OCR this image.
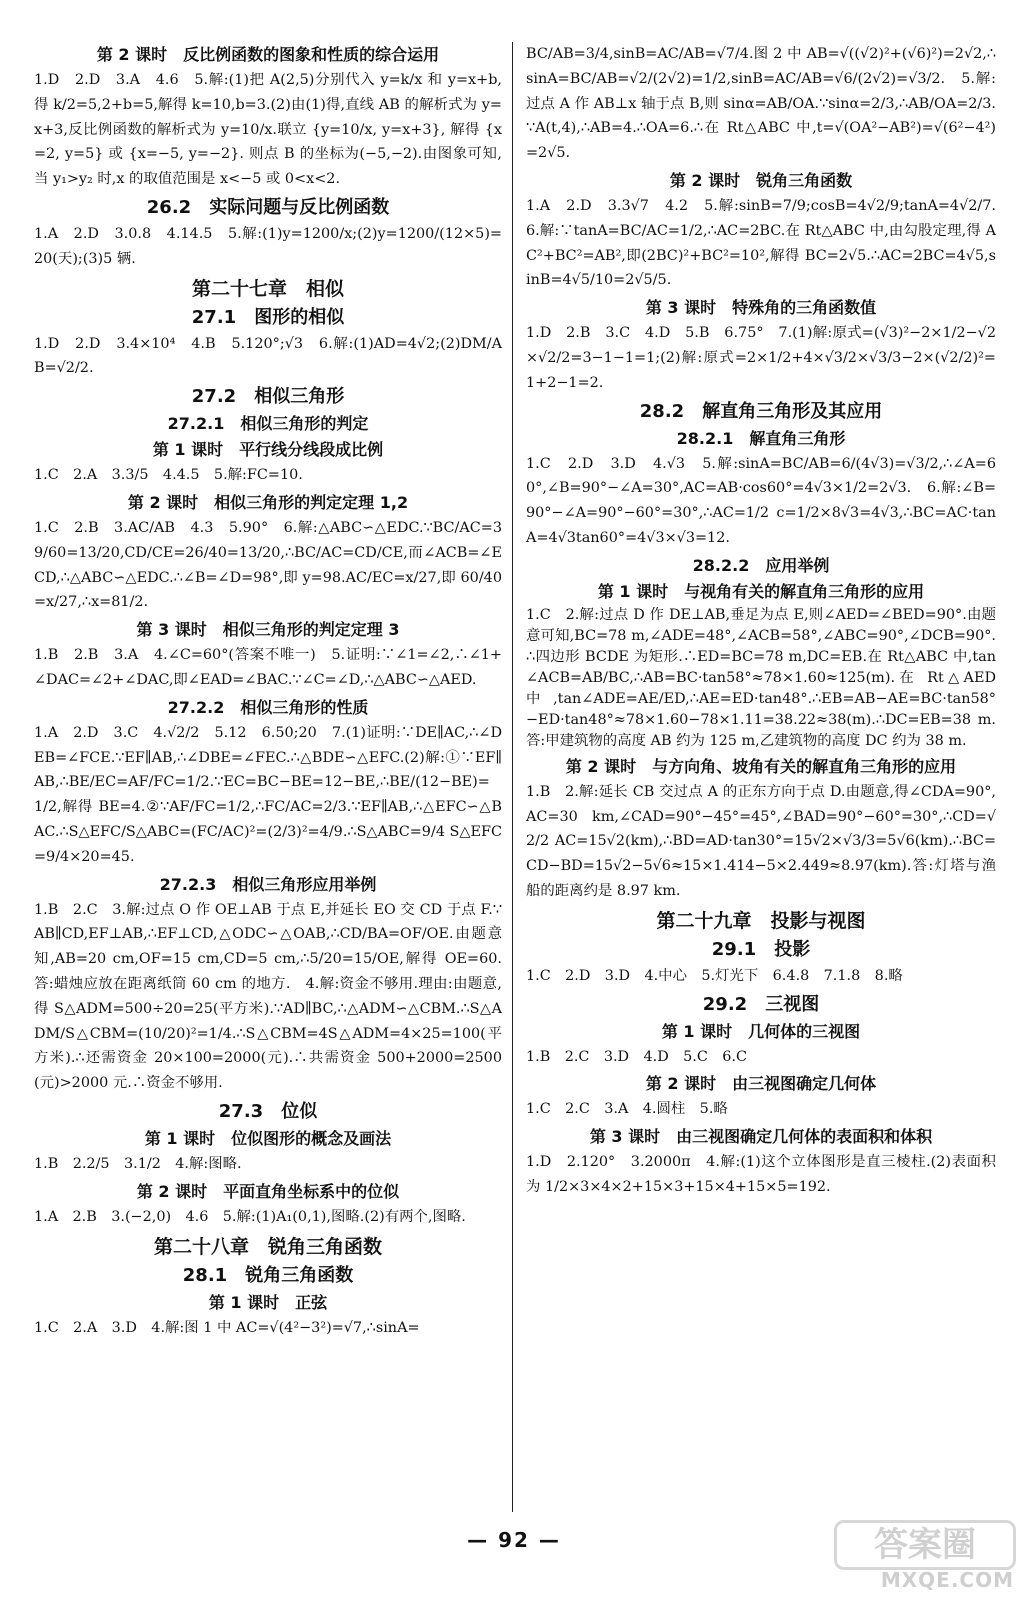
第 2 课时　反比例函数的图象和性质的综合运用
1.D　2.D　3.A　4.6　5.解:(1)把 A(2,5)分别代入 y=k/x 和 y=x+b,得 k/2=5,2+b=5,解得 k=10,b=3.(2)由(1)得,直线 AB 的解析式为 y=x+3,反比例函数的解析式为 y=10/x.联立 {y=10/x, y=x+3}, 解得 {x=2, y=5} 或 {x=−5, y=−2}. 则点 B 的坐标为(−5,−2).由图象可知,当 y₁>y₂ 时,x 的取值范围是 x<−5 或 0<x<2.
26.2　实际问题与反比例函数
1.A　2.D　3.0.8　4.14.5　5.解:(1)y=1200/x;(2)y=1200/(12×5)=20(天);(3)5 辆.
第二十七章　相似
27.1　图形的相似
1.D　2.D　3.4×10⁴　4.B　5.120°;√3　6.解:(1)AD=4√2;(2)DM/AB=√2/2.
27.2　相似三角形
27.2.1　相似三角形的判定
第 1 课时　平行线分线段成比例
1.C　2.A　3.3/5　4.4.5　5.解:FC=10.
第 2 课时　相似三角形的判定定理 1,2
1.C　2.B　3.AC/AB　4.3　5.90°　6.解:△ABC∽△EDC.∵BC/AC=39/60=13/20,CD/CE=26/40=13/20,∴BC/AC=CD/CE,而∠ACB=∠ECD,∴△ABC∽△EDC.∴∠B=∠D=98°,即 y=98.AC/EC=x/27,即 60/40=x/27,∴x=81/2.
第 3 课时　相似三角形的判定定理 3
1.B　2.B　3.A　4.∠C=60°(答案不唯一)　5.证明:∵∠1=∠2,∴∠1+∠DAC=∠2+∠DAC,即∠EAD=∠BAC.∵∠C=∠D,∴△ABC∽△AED.
27.2.2　相似三角形的性质
1.A　2.D　3.C　4.√2/2　5.12　6.50;20　7.(1)证明:∵DE∥AC,∴∠DEB=∠FCE.∵EF∥AB,∴∠DBE=∠FEC.∴△BDE∽△EFC.(2)解:①∵EF∥AB,∴BE/EC=AF/FC=1/2.∵EC=BC−BE=12−BE,∴BE/(12−BE)=1/2,解得 BE=4.②∵AF/FC=1/2,∴FC/AC=2/3.∵EF∥AB,∴△EFC∽△BAC.∴S△EFC/S△ABC=(FC/AC)²=(2/3)²=4/9.∴S△ABC=9/4 S△EFC=9/4×20=45.
27.2.3　相似三角形应用举例
1.B　2.C　3.解:过点 O 作 OE⊥AB 于点 E,并延长 EO 交 CD 于点 F.∵AB∥CD,EF⊥AB,∴EF⊥CD,△ODC∽△OAB,∴CD/BA=OF/OE.由题意知,AB=20 cm,OF=15 cm,CD=5 cm,∴5/20=15/OE,解得 OE=60.答:蜡烛应放在距离纸筒 60 cm 的地方.　4.解:资金不够用.理由:由题意,得 S△ADM=500÷20=25(平方米).∵AD∥BC,∴△ADM∽△CBM.∴S△ADM/S△CBM=(10/20)²=1/4.∴S△CBM=4S△ADM=4×25=100(平方米).∴还需资金 20×100=2000(元).∴共需资金 500+2000=2500(元)>2000 元.∴资金不够用.
27.3　位似
第 1 课时　位似图形的概念及画法
1.B　2.2/5　3.1/2　4.解:图略.
第 2 课时　平面直角坐标系中的位似
1.A　2.B　3.(−2,0)　4.6　5.解:(1)A₁(0,1),图略.(2)有两个,图略.
第二十八章　锐角三角函数
28.1　锐角三角函数
第 1 课时　正弦
1.C　2.A　3.D　4.解:图 1 中 AC=√(4²−3²)=√7,∴sinA=
BC/AB=3/4,sinB=AC/AB=√7/4.图 2 中 AB=√((√2)²+(√6)²)=2√2,∴sinA=BC/AB=√2/(2√2)=1/2,sinB=AC/AB=√6/(2√2)=√3/2.　5.解:过点 A 作 AB⊥x 轴于点 B,则 sinα=AB/OA.∵sinα=2/3,∴AB/OA=2/3.∵A(t,4),∴AB=4.∴OA=6.∴在 Rt△ABC 中,t=√(OA²−AB²)=√(6²−4²)=2√5.
第 2 课时　锐角三角函数
1.A　2.D　3.3√7　4.2　5.解:sinB=7/9;cosB=4√2/9;tanA=4√2/7.　6.解:∵tanA=BC/AC=1/2,∴AC=2BC.在 Rt△ABC 中,由勾股定理,得 AC²+BC²=AB²,即(2BC)²+BC²=10²,解得 BC=2√5.∴AC=2BC=4√5,sinB=4√5/10=2√5/5.
第 3 课时　特殊角的三角函数值
1.D　2.B　3.C　4.D　5.B　6.75°　7.(1)解:原式=(√3)²−2×1/2−√2×√2/2=3−1−1=1;(2)解:原式=2×1/2+4×√3/2×√3/3−2×(√2/2)²=1+2−1=2.
28.2　解直角三角形及其应用
28.2.1　解直角三角形
1.C　2.D　3.D　4.√3　5.解:sinA=BC/AB=6/(4√3)=√3/2,∴∠A=60°,∠B=90°−∠A=30°,AC=AB·cos60°=4√3×1/2=2√3.　6.解:∠B=90°−∠A=90°−60°=30°,∴AC=1/2 c=1/2×8√3=4√3,∴BC=AC·tanA=4√3tan60°=4√3×√3=12.
28.2.2　应用举例
第 1 课时　与视角有关的解直角三角形的应用
1.C　2.解:过点 D 作 DE⊥AB,垂足为点 E,则∠AED=∠BED=90°.由题意可知,BC=78 m,∠ADE=48°,∠ACB=58°,∠ABC=90°,∠DCB=90°.∴四边形 BCDE 为矩形.∴ED=BC=78 m,DC=EB.在 Rt△ABC 中,tan∠ACB=AB/BC,∴AB=BC·tan58°≈78×1.60≈125(m).在 Rt△AED 中,tan∠ADE=AE/ED,∴AE=ED·tan48°.∴EB=AB−AE=BC·tan58°−ED·tan48°≈78×1.60−78×1.11=38.22≈38(m).∴DC=EB=38 m.答:甲建筑物的高度 AB 约为 125 m,乙建筑物的高度 DC 约为 38 m.
第 2 课时　与方向角、坡角有关的解直角三角形的应用
1.B　2.解:延长 CB 交过点 A 的正东方向于点 D.由题意,得∠CDA=90°,AC=30 km,∠CAD=90°−45°=45°,∠BAD=90°−60°=30°,∴CD=√2/2 AC=15√2(km),∴BD=AD·tan30°=15√2×√3/3=5√6(km).∴BC=CD−BD=15√2−5√6≈15×1.414−5×2.449≈8.97(km).答:灯塔与渔船的距离约是 8.97 km.
第二十九章　投影与视图
29.1　投影
1.C　2.D　3.D　4.中心　5.灯光下　6.4.8　7.1.8　8.略
29.2　三视图
第 1 课时　几何体的三视图
1.B　2.C　3.D　4.D　5.C　6.C
第 2 课时　由三视图确定几何体
1.C　2.C　3.A　4.圆柱　5.略
第 3 课时　由三视图确定几何体的表面积和体积
1.D　2.120°　3.2000π　4.解:(1)这个立体图形是直三棱柱.(2)表面积为 1/2×3×4×2+15×3+15×4+15×5=192.
— 92 —	答案圈
MXQE.COM
